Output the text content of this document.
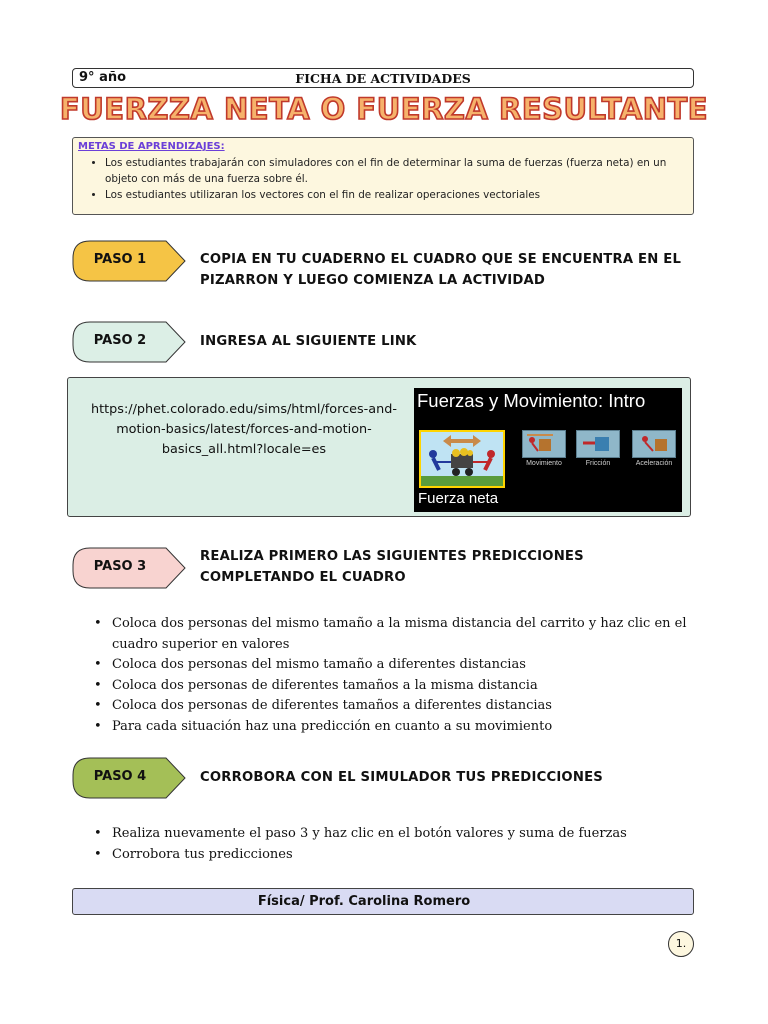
9° año	FICHA DE ACTIVIDADES
FUERZZA NETA O FUERZA RESULTANTE
METAS DE APRENDIZAJES:
• Los estudiantes trabajarán con simuladores con el fin de determinar la suma de fuerzas (fuerza neta) en un objeto con más de una fuerza sobre él.
• Los estudiantes utilizaran los vectores con el fin de realizar operaciones vectoriales
PASO 1	COPIA EN TU CUADERNO EL CUADRO QUE SE ENCUENTRA EN EL
PIZARRON Y LUEGO COMIENZA LA ACTIVIDAD
PASO 2	INGRESA AL SIGUIENTE LINK
https://phet.colorado.edu/sims/html/forces-and-
motion-basics/latest/forces-and-motion-
basics_all.html?locale=es
Fuerzas y Movimiento: Intro
Fuerza neta
Movimiento	Fricción	Aceleración
PASO 3
REALIZA PRIMERO LAS SIGUIENTES PREDICCIONES
COMPLETANDO EL CUADRO
• Coloca dos personas del mismo tamaño a la misma distancia del carrito y haz clic en el cuadro superior en valores
• Coloca dos personas del mismo tamaño a diferentes distancias
• Coloca dos personas de diferentes tamaños a la misma distancia
• Coloca dos personas de diferentes tamaños a diferentes distancias
• Para cada situación haz una predicción en cuanto a su movimiento
PASO 4	CORROBORA CON EL SIMULADOR TUS PREDICCIONES
• Realiza nuevamente el paso 3 y haz clic en el botón valores y suma de fuerzas
• Corrobora tus predicciones
Física/ Prof. Carolina Romero
1.
